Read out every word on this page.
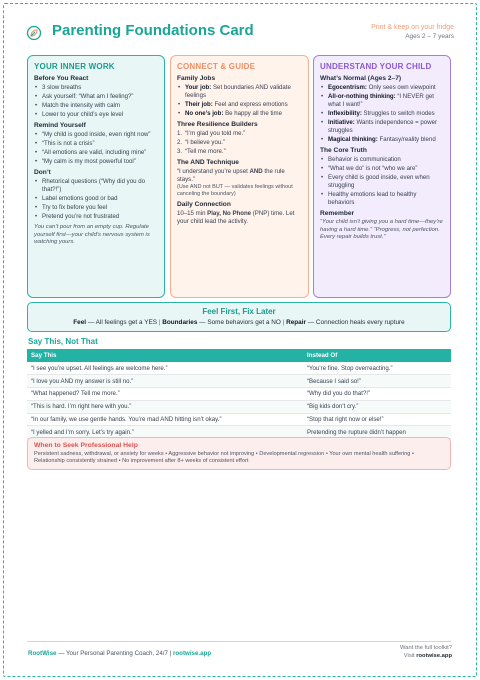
Parenting Foundations Card	Print & keep on your fridge
Ages 2 – 7 years
YOUR INNER WORK
Before You React
• 3 slow breaths
• Ask yourself: “What am I feeling?”
• Match the intensity with calm
• Lower to your child’s eye level
Remind Yourself
• “My child is good inside, even right now”
• “This is not a crisis”
• “All emotions are valid, including mine”
• “My calm is my most powerful tool”
Don’t
• Rhetorical questions (“Why did you do that?!”)
• Label emotions good or bad
• Try to fix before you feel
• Pretend you’re not frustrated
You can’t pour from an empty cup. Regulate yourself first—your child’s nervous system is watching yours.
CONNECT & GUIDE
Family Jobs
• Your job: Set boundaries AND validate feelings
• Their job: Feel and express emotions
• No one’s job: Be happy all the time
Three Resilience Builders
1. “I’m glad you told me.”
2. “I believe you.”
3. “Tell me more.”
The AND Technique
“I understand you’re upset AND the rule stays.”
(Use AND not BUT — validates feelings without canceling the boundary)
Daily Connection
10–15 min Play, No Phone (PNP) time. Let your child lead the activity.
UNDERSTAND YOUR CHILD
What’s Normal (Ages 2–7)
• Egocentrism: Only sees own viewpoint
• All-or-nothing thinking: “I NEVER get what I want!”
• Inflexibility: Struggles to switch modes
• Initiative: Wants independence = power struggles
• Magical thinking: Fantasy/reality blend
The Core Truth
• Behavior is communication
• “What we do” is not “who we are”
• Every child is good inside, even when struggling
• Healthy emotions lead to healthy behaviors
Remember
“Your child isn’t giving you a hard time—they’re having a hard time.” “Progress, not perfection. Every repair builds trust.”
Feel First, Fix Later
Feel — All feelings get a YES | Boundaries — Some behaviors get a NO | Repair — Connection heals every rupture
Say This, Not That
Say This	Instead Of
“I see you’re upset. All feelings are welcome here.”	“You’re fine. Stop overreacting.”
“I love you AND my answer is still no.”	“Because I said so!”
“What happened? Tell me more.”	“Why did you do that?!”
“This is hard. I’m right here with you.”	“Big kids don’t cry.”
“In our family, we use gentle hands. You’re mad AND hitting isn’t okay.”	“Stop that right now or else!”
“I yelled and I’m sorry. Let’s try again.”	Pretending the rupture didn’t happen
When to Seek Professional Help
Persistent sadness, withdrawal, or anxiety for weeks • Aggressive behavior not improving • Developmental regression • Your own mental health suffering • Relationship consistently strained • No improvement after 8+ weeks of consistent effort
RootWise — Your Personal Parenting Coach, 24/7 | rootwise.app
Want the full toolkit?
Visit rootwise.app
